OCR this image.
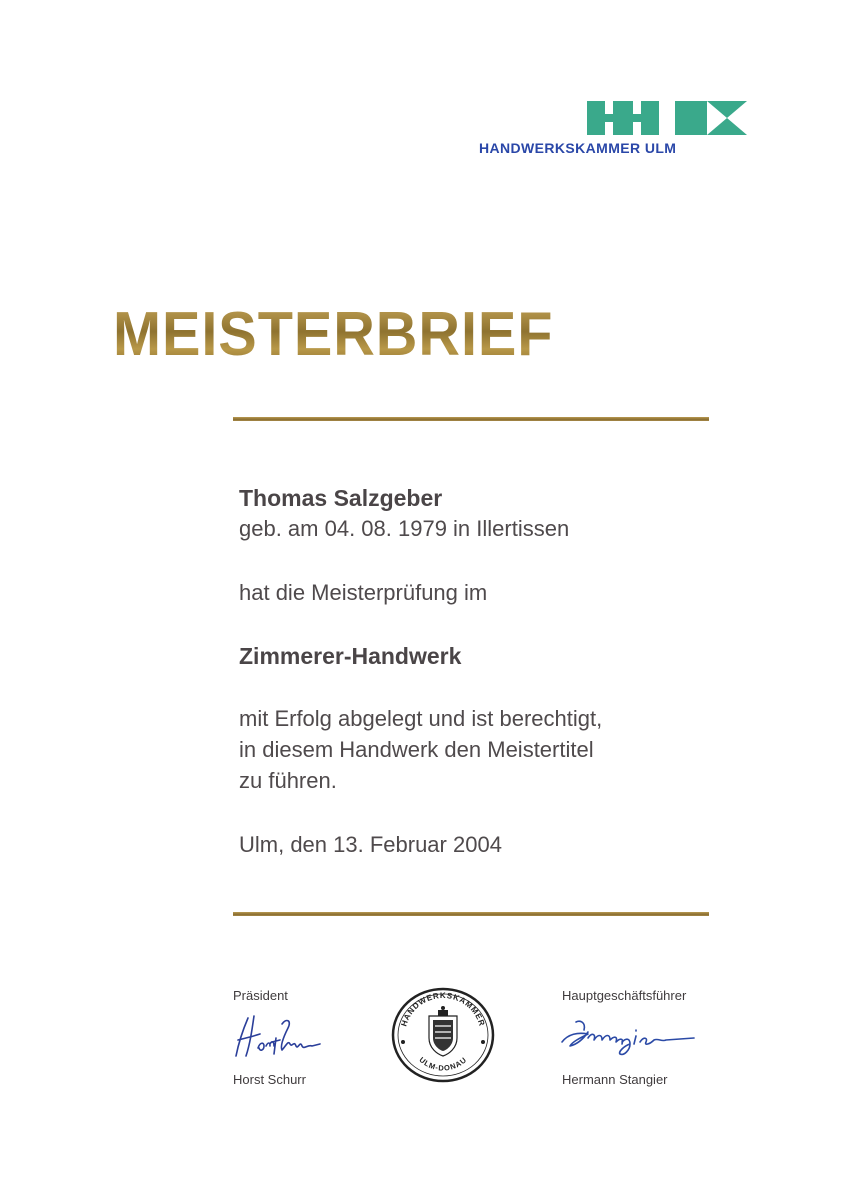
HANDWERKSKAMMER ULM
MEISTERBRIEF
Thomas Salzgeber
geb. am 04. 08. 1979 in Illertissen
hat die Meisterprüfung im
Zimmerer-Handwerk
mit Erfolg abgelegt und ist berechtigt,
in diesem Handwerk den Meistertitel
zu führen.
Ulm, den 13. Februar 2004
Präsident
Horst Schurr
HANDWERKSKAMMER
ULM-DONAU
Hauptgeschäftsführer
Hermann Stangier
